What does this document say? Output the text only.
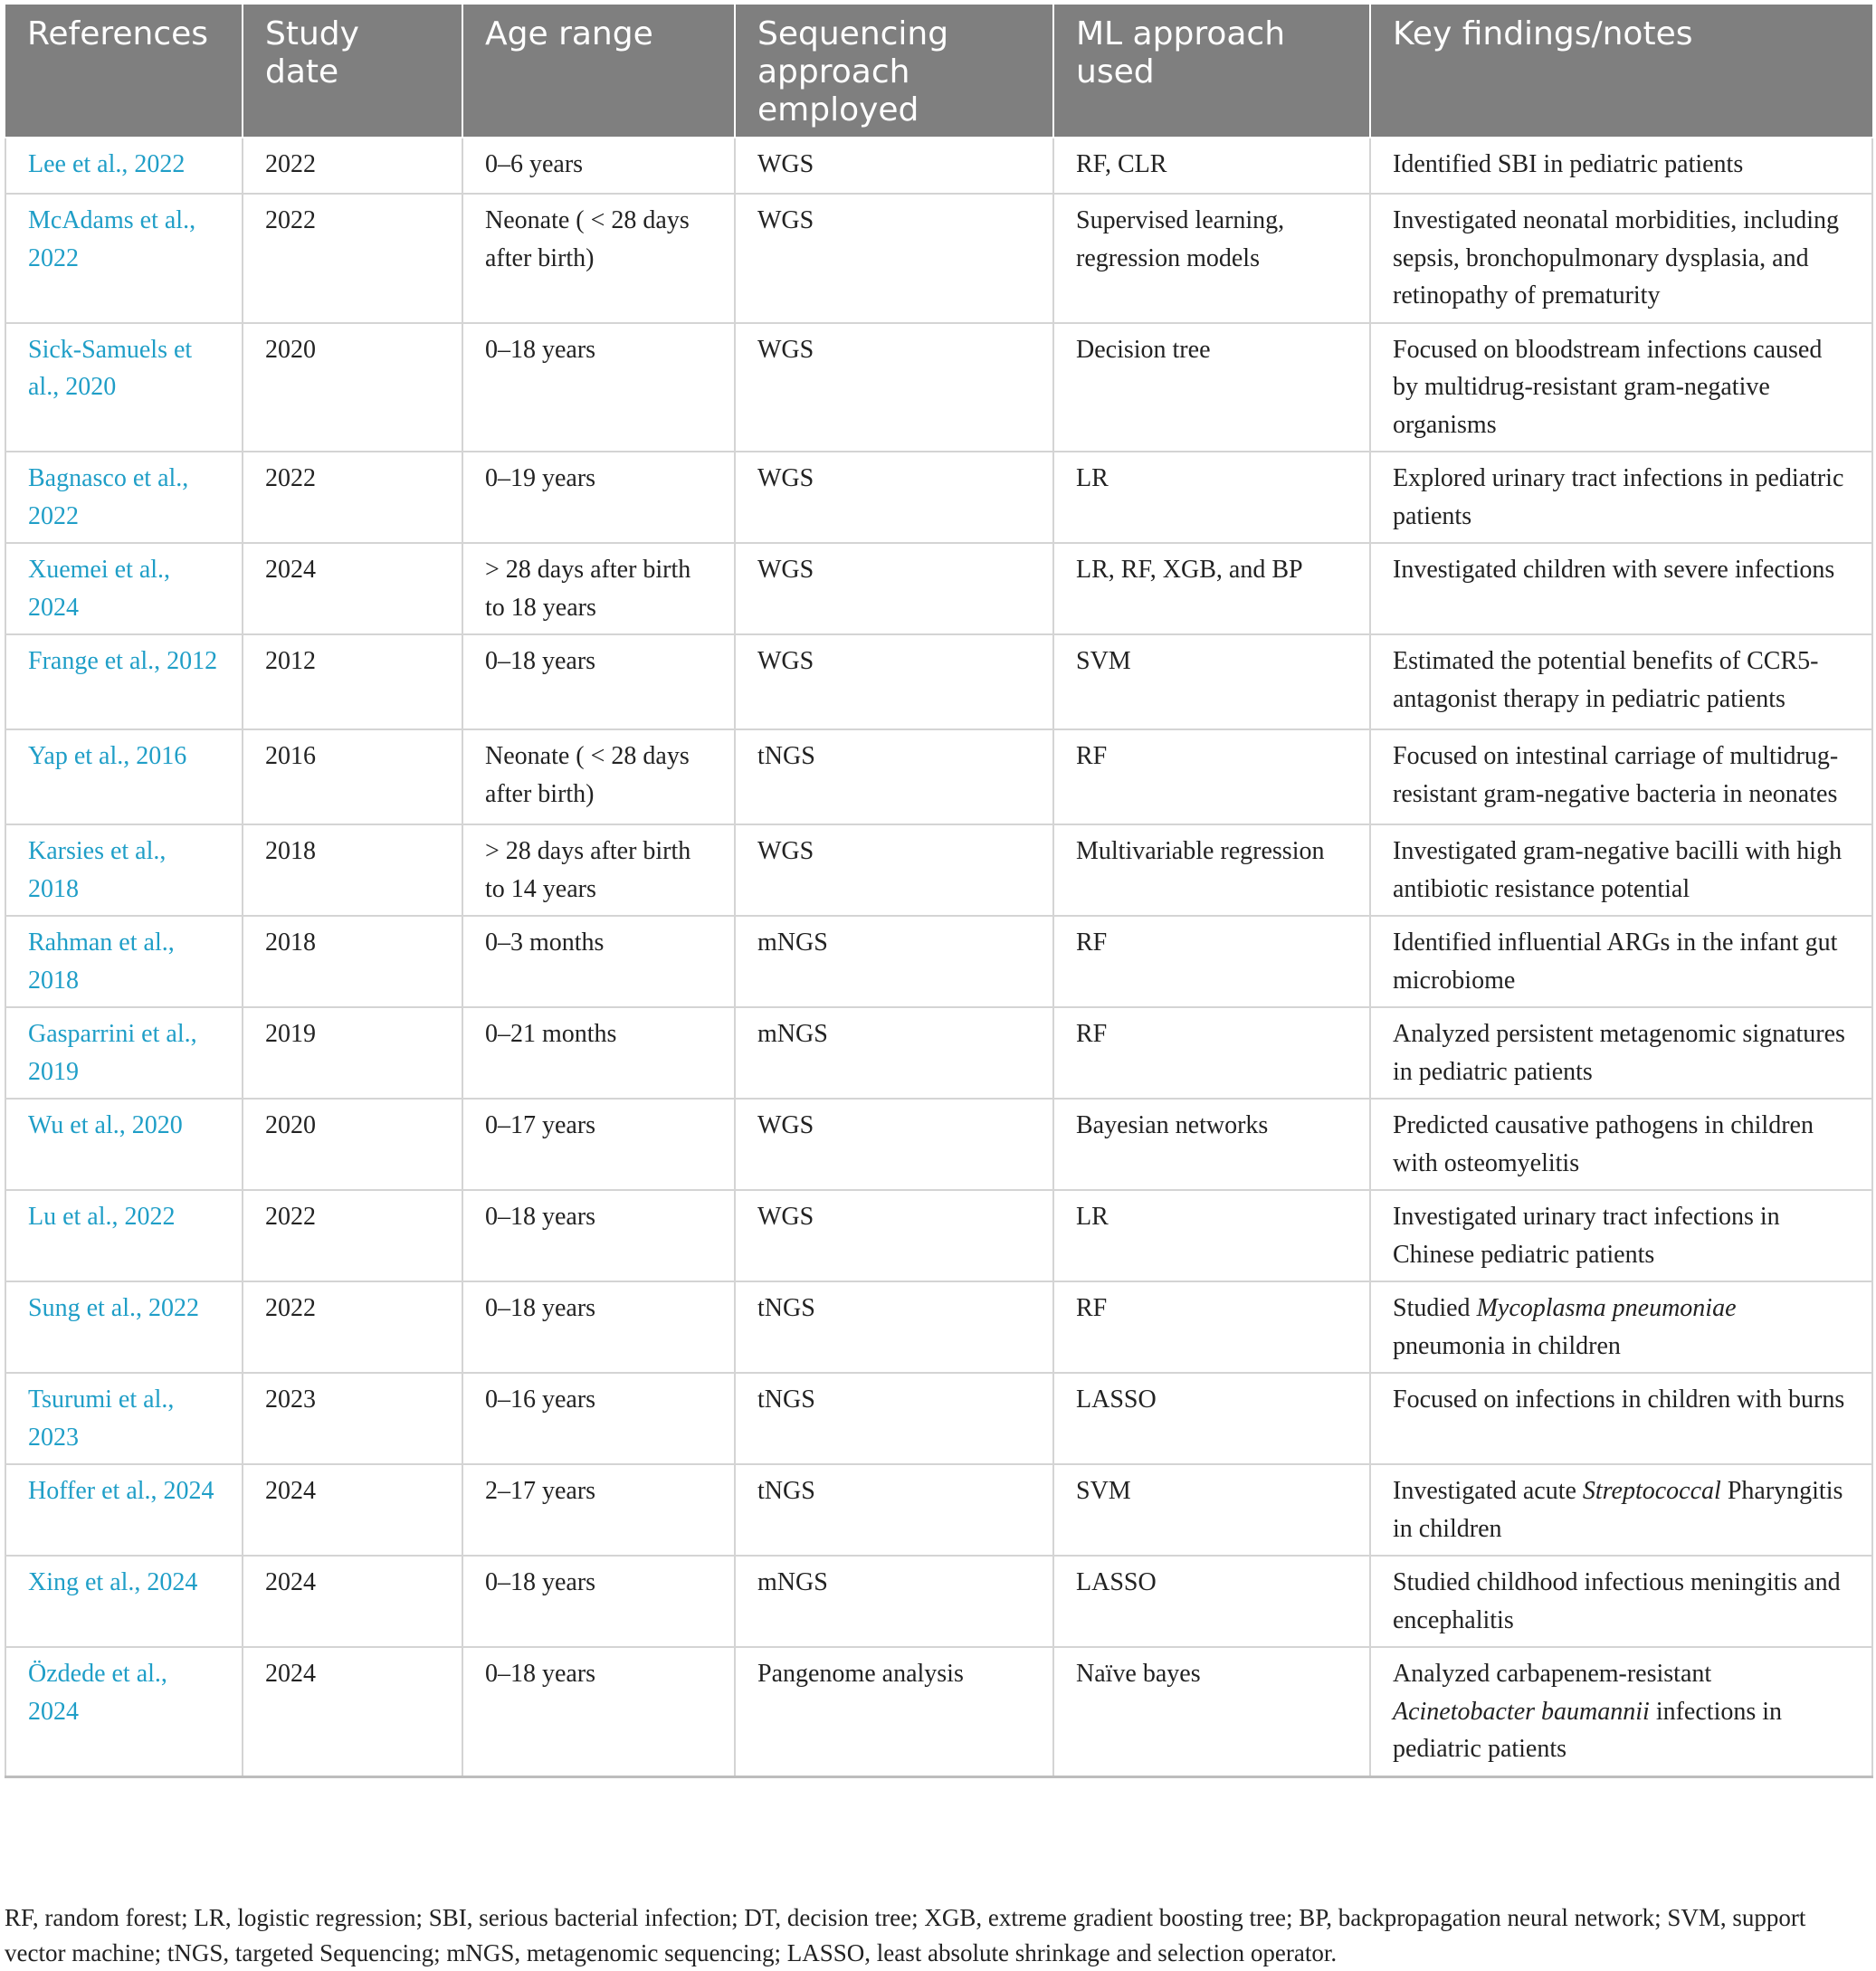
References	Study date	Age range	Sequencing approach employed	ML approach used	Key findings/notes
Lee et al., 2022	2022	0–6 years	WGS	RF, CLR	Identified SBI in pediatric patients
McAdams et al., 2022	2022	Neonate ( < 28 days after birth)	WGS	Supervised learning, regression models	Investigated neonatal morbidities, including sepsis, bronchopulmonary dysplasia, and retinopathy of prematurity
Sick-Samuels et al., 2020	2020	0–18 years	WGS	Decision tree	Focused on bloodstream infections caused by multidrug-resistant gram-negative organisms
Bagnasco et al., 2022	2022	0–19 years	WGS	LR	Explored urinary tract infections in pediatric patients
Xuemei et al., 2024	2024	> 28 days after birth to 18 years	WGS	LR, RF, XGB, and BP	Investigated children with severe infections
Frange et al., 2012	2012	0–18 years	WGS	SVM	Estimated the potential benefits of CCR5-antagonist therapy in pediatric patients
Yap et al., 2016	2016	Neonate ( < 28 days after birth)	tNGS	RF	Focused on intestinal carriage of multidrug-resistant gram-negative bacteria in neonates
Karsies et al., 2018	2018	> 28 days after birth to 14 years	WGS	Multivariable regression	Investigated gram-negative bacilli with high antibiotic resistance potential
Rahman et al., 2018	2018	0–3 months	mNGS	RF	Identified influential ARGs in the infant gut microbiome
Gasparrini et al., 2019	2019	0–21 months	mNGS	RF	Analyzed persistent metagenomic signatures in pediatric patients
Wu et al., 2020	2020	0–17 years	WGS	Bayesian networks	Predicted causative pathogens in children with osteomyelitis
Lu et al., 2022	2022	0–18 years	WGS	LR	Investigated urinary tract infections in Chinese pediatric patients
Sung et al., 2022	2022	0–18 years	tNGS	RF	Studied Mycoplasma pneumoniae pneumonia in children
Tsurumi et al., 2023	2023	0–16 years	tNGS	LASSO	Focused on infections in children with burns
Hoffer et al., 2024	2024	2–17 years	tNGS	SVM	Investigated acute Streptococcal Pharyngitis in children
Xing et al., 2024	2024	0–18 years	mNGS	LASSO	Studied childhood infectious meningitis and encephalitis
Özdede et al., 2024	2024	0–18 years	Pangenome analysis	Naïve bayes	Analyzed carbapenem-resistant Acinetobacter baumannii infections in pediatric patients
RF, random forest; LR, logistic regression; SBI, serious bacterial infection; DT, decision tree; XGB, extreme gradient boosting tree; BP, backpropagation neural network; SVM, support vector machine; tNGS, targeted Sequencing; mNGS, metagenomic sequencing; LASSO, least absolute shrinkage and selection operator.
